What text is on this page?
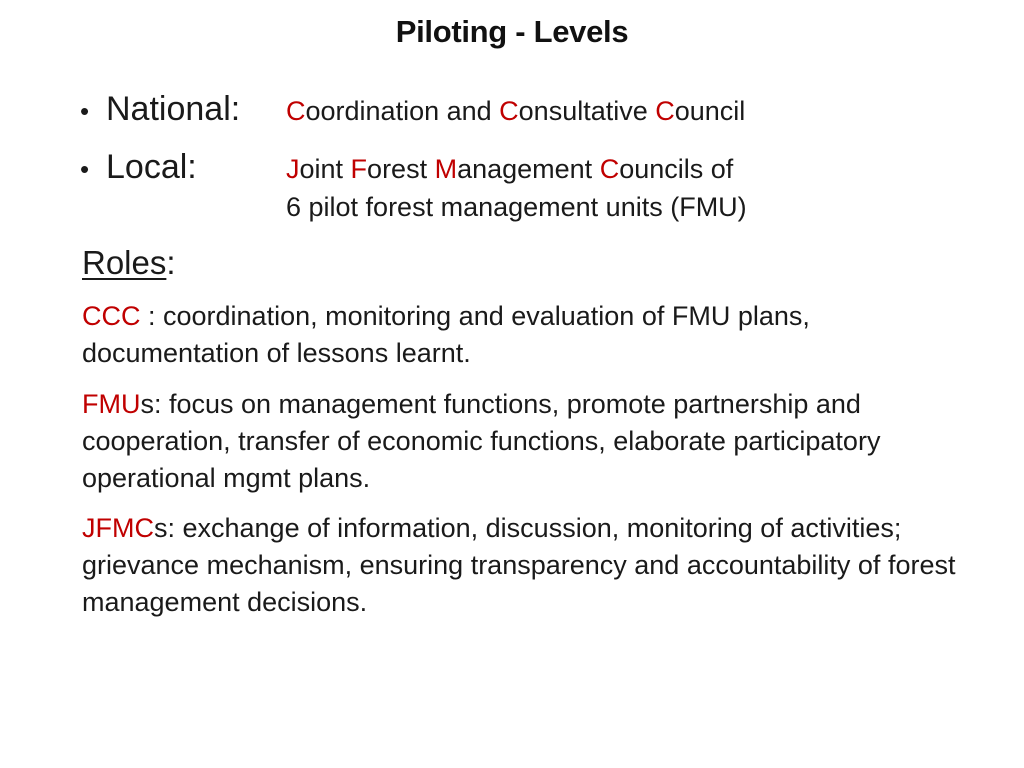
Piloting - Levels
• National:	Coordination and Consultative Council
• Local:	Joint Forest Management Councils of
6 pilot forest management units (FMU)
Roles:
CCC : coordination, monitoring and evaluation of FMU plans, documentation of lessons learnt.
FMUs: focus on management functions, promote partnership and cooperation, transfer of economic functions, elaborate participatory operational mgmt plans.
JFMCs: exchange of information, discussion, monitoring of activities; grievance mechanism, ensuring transparency and accountability of forest management decisions.
